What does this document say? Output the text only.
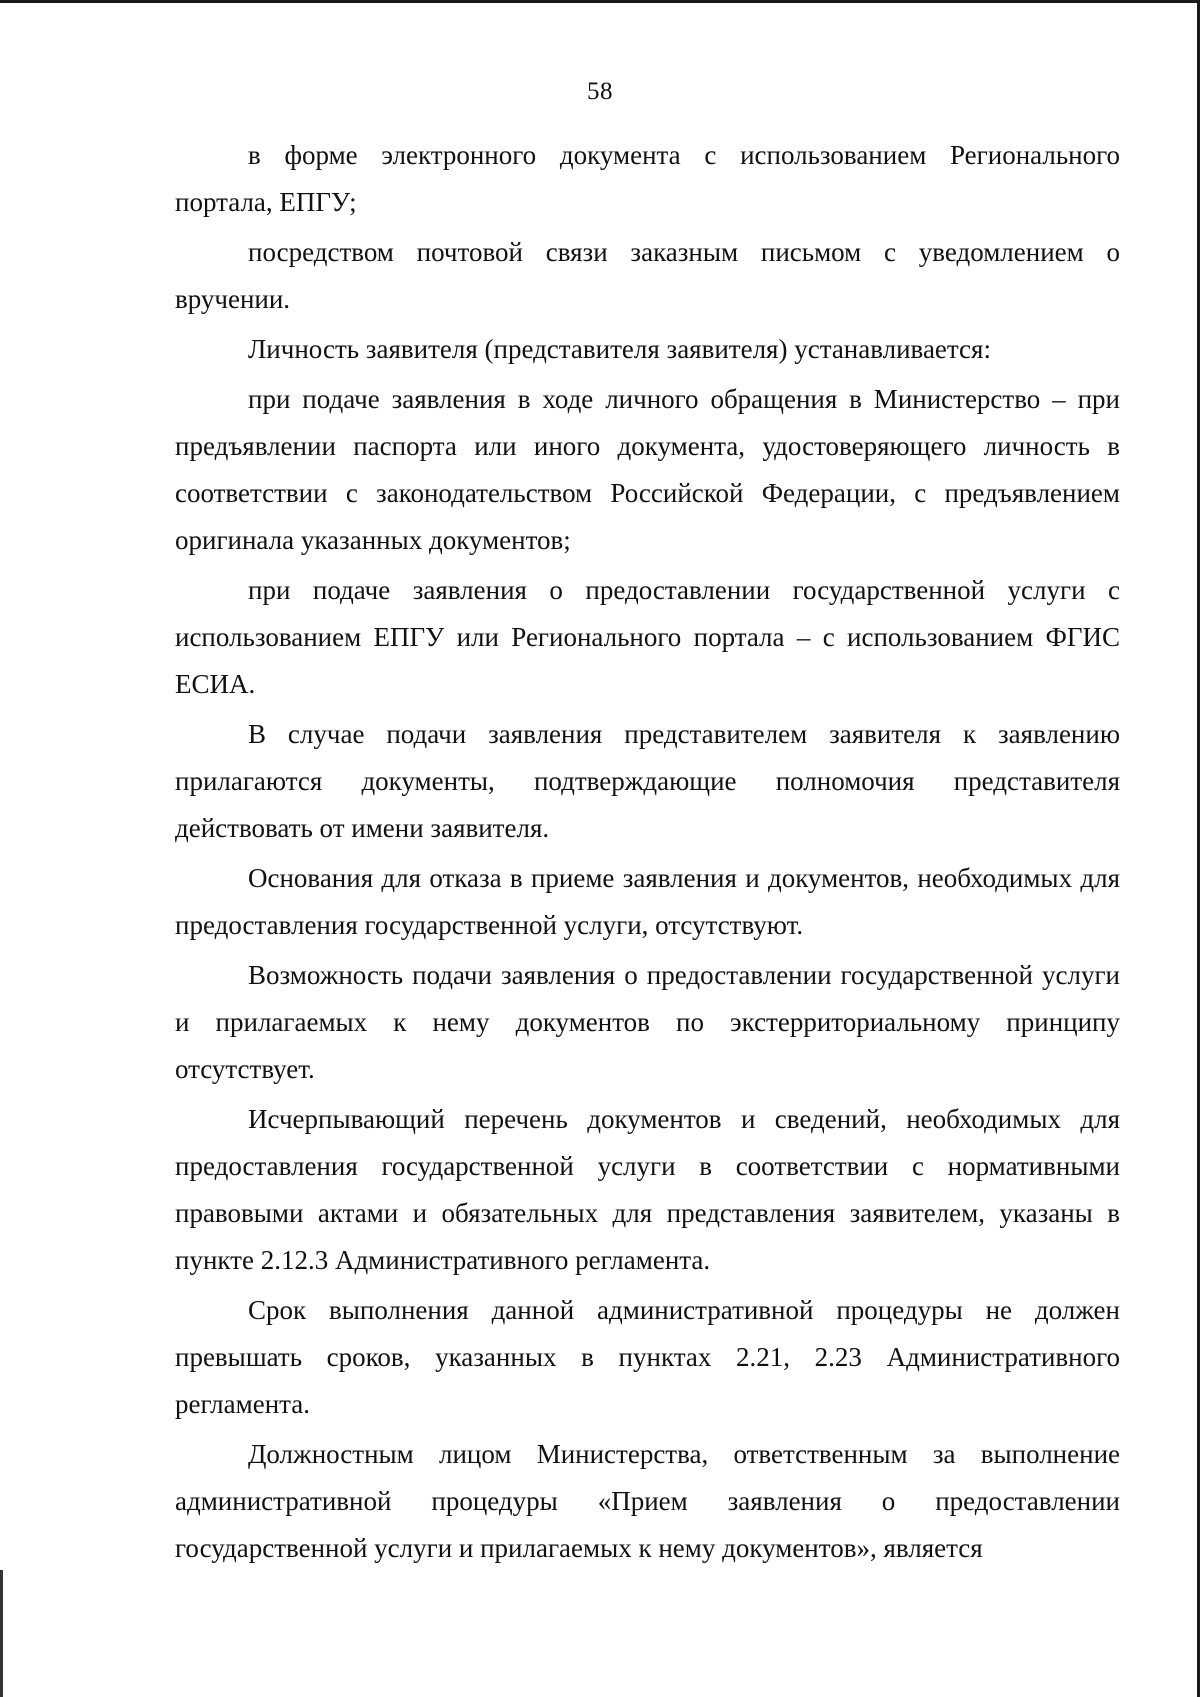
58

в форме электронного документа с использованием Регионального портала, ЕПГУ;

посредством почтовой связи заказным письмом с уведомлением о вручении.

Личность заявителя (представителя заявителя) устанавливается:

при подаче заявления в ходе личного обращения в Министерство – при предъявлении паспорта или иного документа, удостоверяющего личность в соответствии с законодательством Российской Федерации, с предъявлением оригинала указанных документов;

при подаче заявления о предоставлении государственной услуги с использованием ЕПГУ или Регионального портала – с использованием ФГИС ЕСИА.

В случае подачи заявления представителем заявителя к заявлению прилагаются документы, подтверждающие полномочия представителя действовать от имени заявителя.

Основания для отказа в приеме заявления и документов, необходимых для предоставления государственной услуги, отсутствуют.

Возможность подачи заявления о предоставлении государственной услуги и прилагаемых к нему документов по экстерриториальному принципу отсутствует.

Исчерпывающий перечень документов и сведений, необходимых для предоставления государственной услуги в соответствии с нормативными правовыми актами и обязательных для представления заявителем, указаны в пункте 2.12.3 Административного регламента.

Срок выполнения данной административной процедуры не должен превышать сроков, указанных в пунктах 2.21, 2.23 Административного регламента.

Должностным лицом Министерства, ответственным за выполнение административной процедуры «Прием заявления о предоставлении государственной услуги и прилагаемых к нему документов», является
